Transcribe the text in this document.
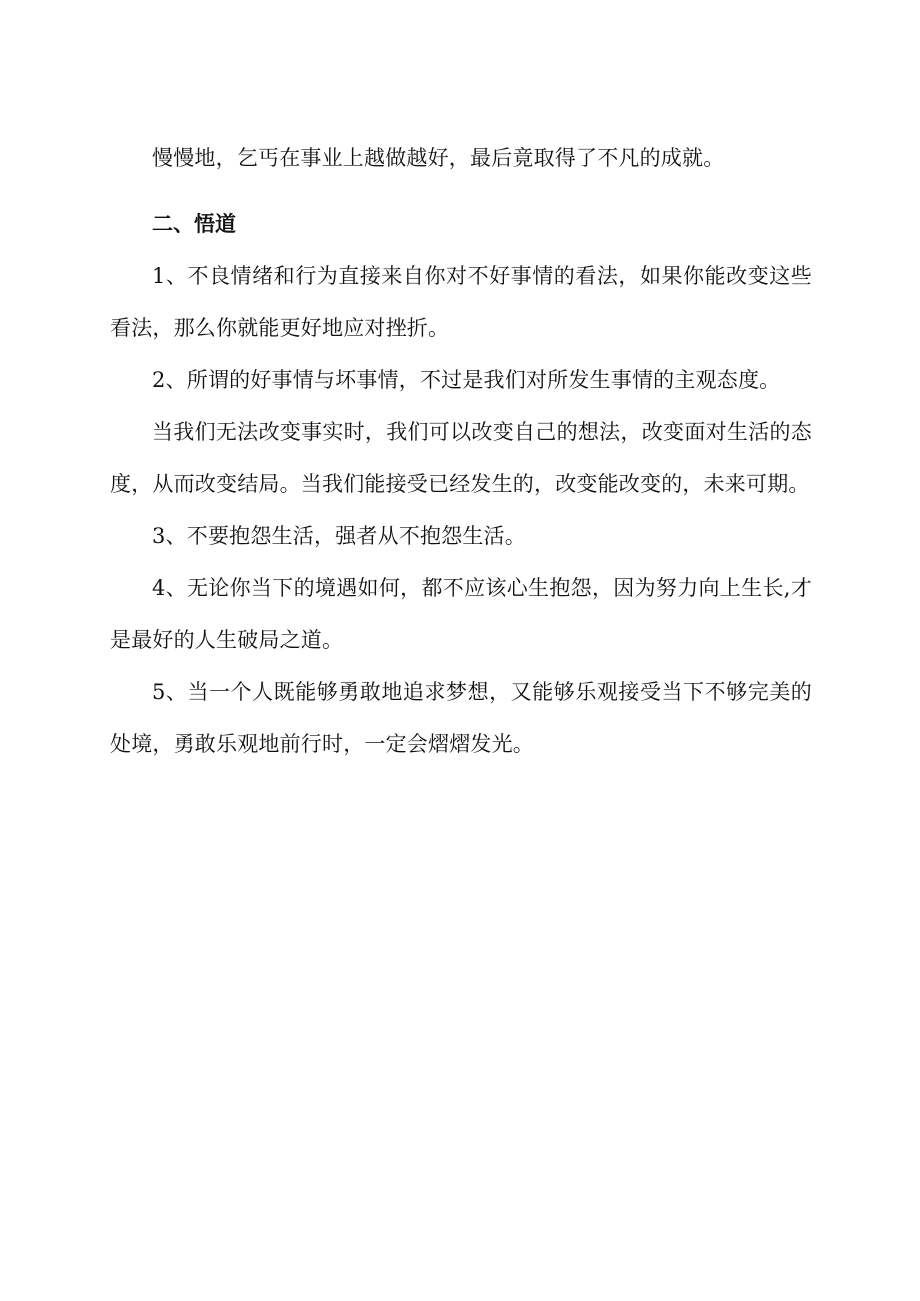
慢慢地，乞丐在事业上越做越好，最后竟取得了不凡的成就。

二、悟道

1、不良情绪和行为直接来自你对不好事情的看法，如果你能改变这些看法，那么你就能更好地应对挫折。

2、所谓的好事情与坏事情，不过是我们对所发生事情的主观态度。

当我们无法改变事实时，我们可以改变自己的想法，改变面对生活的态度，从而改变结局。当我们能接受已经发生的，改变能改变的，未来可期。

3、不要抱怨生活，强者从不抱怨生活。

4、无论你当下的境遇如何，都不应该心生抱怨，因为努力向上生长,才是最好的人生破局之道。

5、当一个人既能够勇敢地追求梦想，又能够乐观接受当下不够完美的处境，勇敢乐观地前行时，一定会熠熠发光。
